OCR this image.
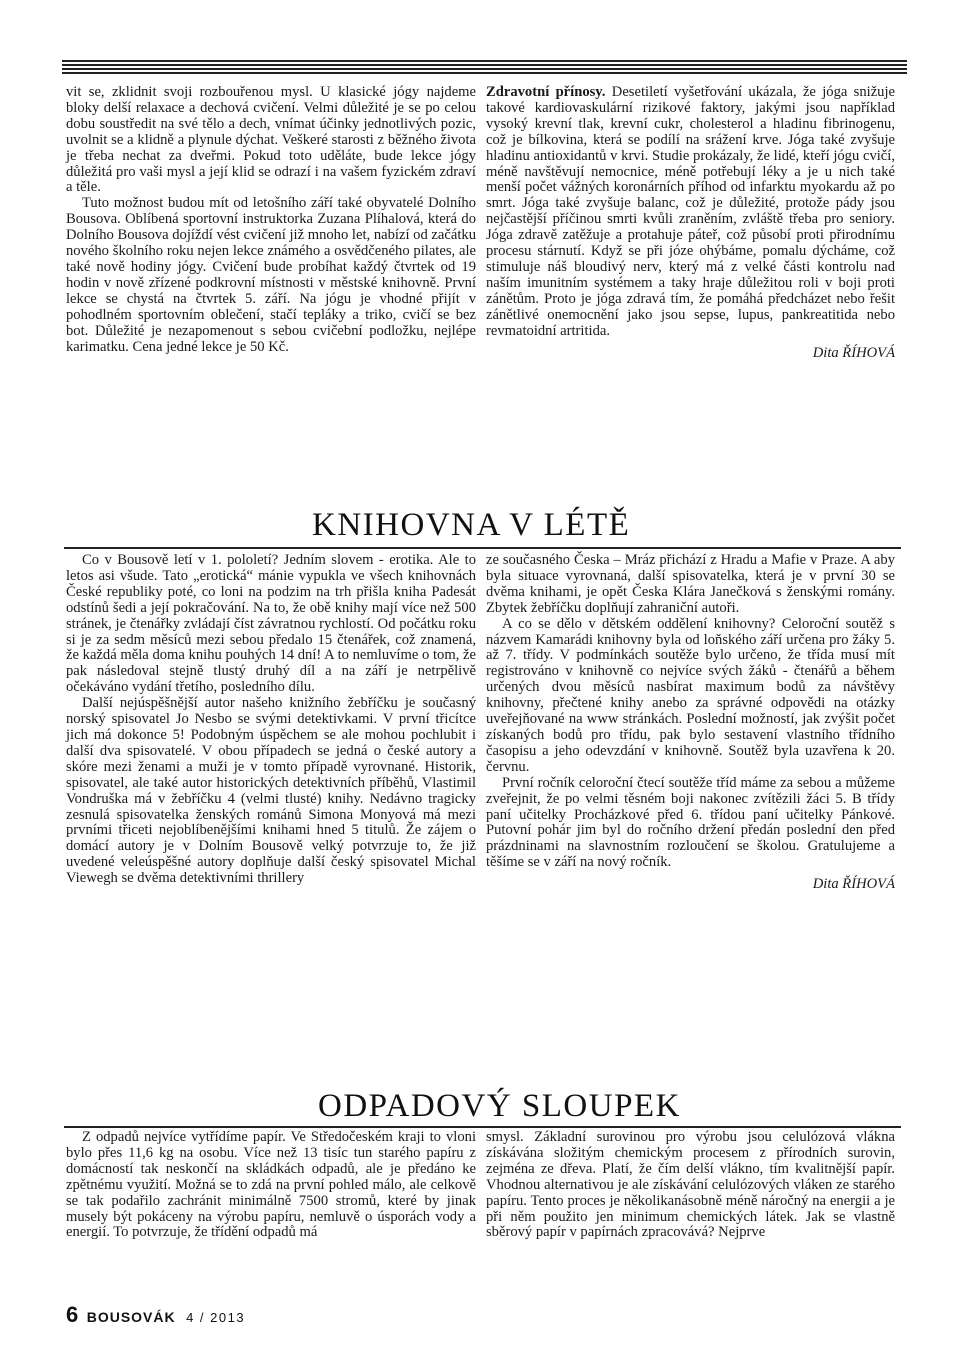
vit se, zklidnit svoji rozbouřenou mysl. U klasické jógy najdeme bloky delší relaxace a dechová cvičení. Velmi důležité je se po celou dobu soustředit na své tělo a dech, vnímat účinky jednotlivých pozic, uvolnit se a klidně a plynule dýchat. Veškeré starosti z běžného života je třeba nechat za dveřmi. Pokud toto uděláte, bude lekce jógy důležitá pro vaši mysl a její klid se odrazí i na vašem fyzickém zdraví a těle.

Tuto možnost budou mít od letošního září také obyvatelé Dolního Bousova. Oblíbená sportovní instruktorka Zuzana Plíhalová, která do Dolního Bousova dojíždí vést cvičení již mnoho let, nabízí od začátku nového školního roku nejen lekce známého a osvědčeného pilates, ale také nově hodiny jógy. Cvičení bude probíhat každý čtvrtek od 19 hodin v nově zřízené podkrovní místnosti v městské knihovně. První lekce se chystá na čtvrtek 5. září. Na jógu je vhodné přijít v pohodlném sportovním oblečení, stačí tepláky a triko, cvičí se bez bot. Důležité je nezapomenout s sebou cvičební podložku, nejlépe karimatku. Cena jedné lekce je 50 Kč.

Zdravotní přínosy. Desetiletí vyšetřování ukázala, že jóga snižuje takové kardiovaskulární rizikové faktory, jakými jsou například vysoký krevní tlak, krevní cukr, cholesterol a hladinu fibrinogenu, což je bílkovina, která se podílí na srážení krve. Jóga také zvyšuje hladinu antioxidantů v krvi. Studie prokázaly, že lidé, kteří jógu cvičí, méně navštěvují nemocnice, méně potřebují léky a je u nich také menší počet vážných koronárních příhod od infarktu myokardu až po smrt. Jóga také zvyšuje balanc, což je důležité, protože pády jsou nejčastější příčinou smrti kvůli zraněním, zvláště třeba pro seniory. Jóga zdravě zatěžuje a protahuje páteř, což působí proti přirodnímu procesu stárnutí. Když se při józe ohýbáme, pomalu dýcháme, což stimuluje náš bloudivý nerv, který má z velké části kontrolu nad naším imunitním systémem a taky hraje důležitou roli v boji proti zánětům. Proto je jóga zdravá tím, že pomáhá předcházet nebo řešit zánětlivé onemocnění jako jsou sepse, lupus, pankreatitida nebo revmatoidní artritida.

Dita ŘÍHOVÁ
KNIHOVNA V LÉTĚ

Co v Bousově letí v 1. pololetí? Jedním slovem - erotika. Ale to letos asi všude. Tato „erotická“ mánie vypukla ve všech knihovnách České republiky poté, co loni na podzim na trh přišla kniha Padesát odstínů šedi a její pokračování. Na to, že obě knihy mají více než 500 stránek, je čtenářky zvládají číst závratnou rychlostí. Od počátku roku si je za sedm měsíců mezi sebou předalo 15 čtenářek, což znamená, že každá měla doma knihu pouhých 14 dní! A to nemluvíme o tom, že pak následoval stejně tlustý druhý díl a na září je netrpělivě očekáváno vydání třetího, posledního dílu.

Další nejúspěšnější autor našeho knižního žebříčku je současný norský spisovatel Jo Nesbo se svými detektivkami. V první třicítce jich má dokonce 5! Podobným úspěchem se ale mohou pochlubit i další dva spisovatelé. V obou případech se jedná o české autory a skóre mezi ženami a muži je v tomto případě vyrovnané. Historik, spisovatel, ale také autor historických detektivních příběhů, Vlastimil Vondruška má v žebříčku 4 (velmi tlusté) knihy. Nedávno tragicky zesnulá spisovatelka ženských románů Simona Monyová má mezi prvními třiceti nejoblíbenějšími knihami hned 5 titulů. Že zájem o domácí autory je v Dolním Bousově velký potvrzuje to, že již uvedené veleúspěšné autory doplňuje další český spisovatel Michal Viewegh se dvěma detektivními thrillery

ze současného Česka – Mráz přichází z Hradu a Mafie v Praze. A aby byla situace vyrovnaná, další spisovatelka, která je v první 30 se dvěma knihami, je opět Česka Klára Janečková s ženskými romány. Zbytek žebříčku doplňují zahraniční autoři.

A co se dělo v dětském oddělení knihovny? Celoroční soutěž s názvem Kamarádi knihovny byla od loňského září určena pro žáky 5. až 7. třídy. V podmínkách soutěže bylo určeno, že třída musí mít registrováno v knihovně co nejvíce svých žáků - čtenářů a během určených dvou měsíců nasbírat maximum bodů za návštěvy knihovny, přečtené knihy anebo za správné odpovědi na otázky uveřejňované na www stránkách. Poslední možností, jak zvýšit počet získaných bodů pro třídu, pak bylo sestavení vlastního třídního časopisu a jeho odevzdání v knihovně. Soutěž byla uzavřena k 20. červnu.

První ročník celoroční čtecí soutěže tříd máme za sebou a můžeme zveřejnit, že po velmi těsném boji nakonec zvítězili žáci 5. B třídy paní učitelky Procházkové před 6. třídou paní učitelky Pánkové. Putovní pohár jim byl do ročního držení předán poslední den před prázdninami na slavnostním rozloučení se školou. Gratulujeme a těšíme se v září na nový ročník.

Dita ŘÍHOVÁ
ODPADOVÝ SLOUPEK

Z odpadů nejvíce vytřídíme papír. Ve Středočeském kraji to vloni bylo přes 11,6 kg na osobu. Více než 13 tisíc tun starého papíru z domácností tak neskončí na skládkách odpadů, ale je předáno ke zpětnému využití. Možná se to zdá na první pohled málo, ale celkově se tak podařilo zachránit minimálně 7500 stromů, které by jinak musely být pokáceny na výrobu papíru, nemluvě o úsporách vody a energií. To potvrzuje, že třídění odpadů má

smysl. Základní surovinou pro výrobu jsou celulózová vlákna získávána složitým chemickým procesem z přírodních surovin, zejména ze dřeva. Platí, že čím delší vlákno, tím kvalitnější papír. Vhodnou alternativou je ale získávání celulózových vláken ze starého papíru. Tento proces je několikanásobně méně náročný na energii a je při něm použito jen minimum chemických látek. Jak se vlastně sběrový papír v papírnách zpracovává? Nejprve

6 BOUSOVÁK 4 / 2013
